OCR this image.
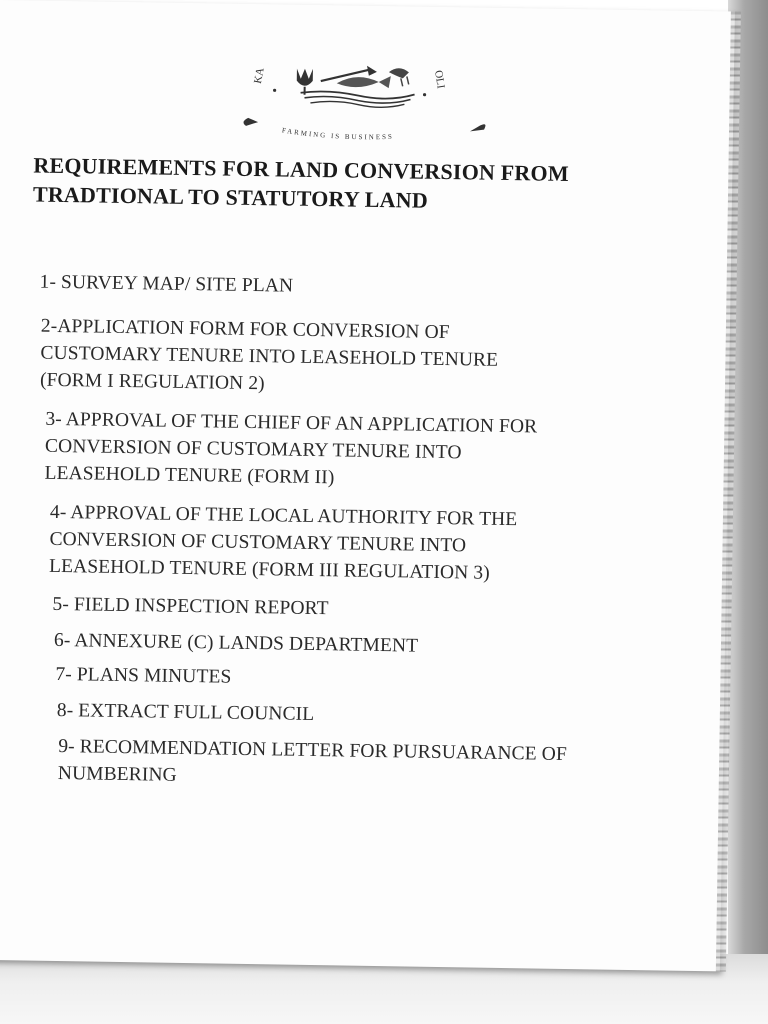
KA	OLI
FARMING IS BUSINESS
REQUIREMENTS FOR LAND CONVERSION FROM
TRADTIONAL TO STATUTORY LAND
1- SURVEY MAP/ SITE PLAN
2-APPLICATION FORM FOR CONVERSION OF
CUSTOMARY TENURE INTO LEASEHOLD TENURE
(FORM I REGULATION 2)
3- APPROVAL OF THE CHIEF OF AN APPLICATION FOR
CONVERSION OF CUSTOMARY TENURE INTO
LEASEHOLD TENURE (FORM II)
4- APPROVAL OF THE LOCAL AUTHORITY FOR THE
CONVERSION OF CUSTOMARY TENURE INTO
LEASEHOLD TENURE (FORM III REGULATION 3)
5- FIELD INSPECTION REPORT
6- ANNEXURE (C) LANDS DEPARTMENT
7- PLANS MINUTES
8- EXTRACT FULL COUNCIL
9- RECOMMENDATION LETTER FOR PURSUARANCE OF
NUMBERING
